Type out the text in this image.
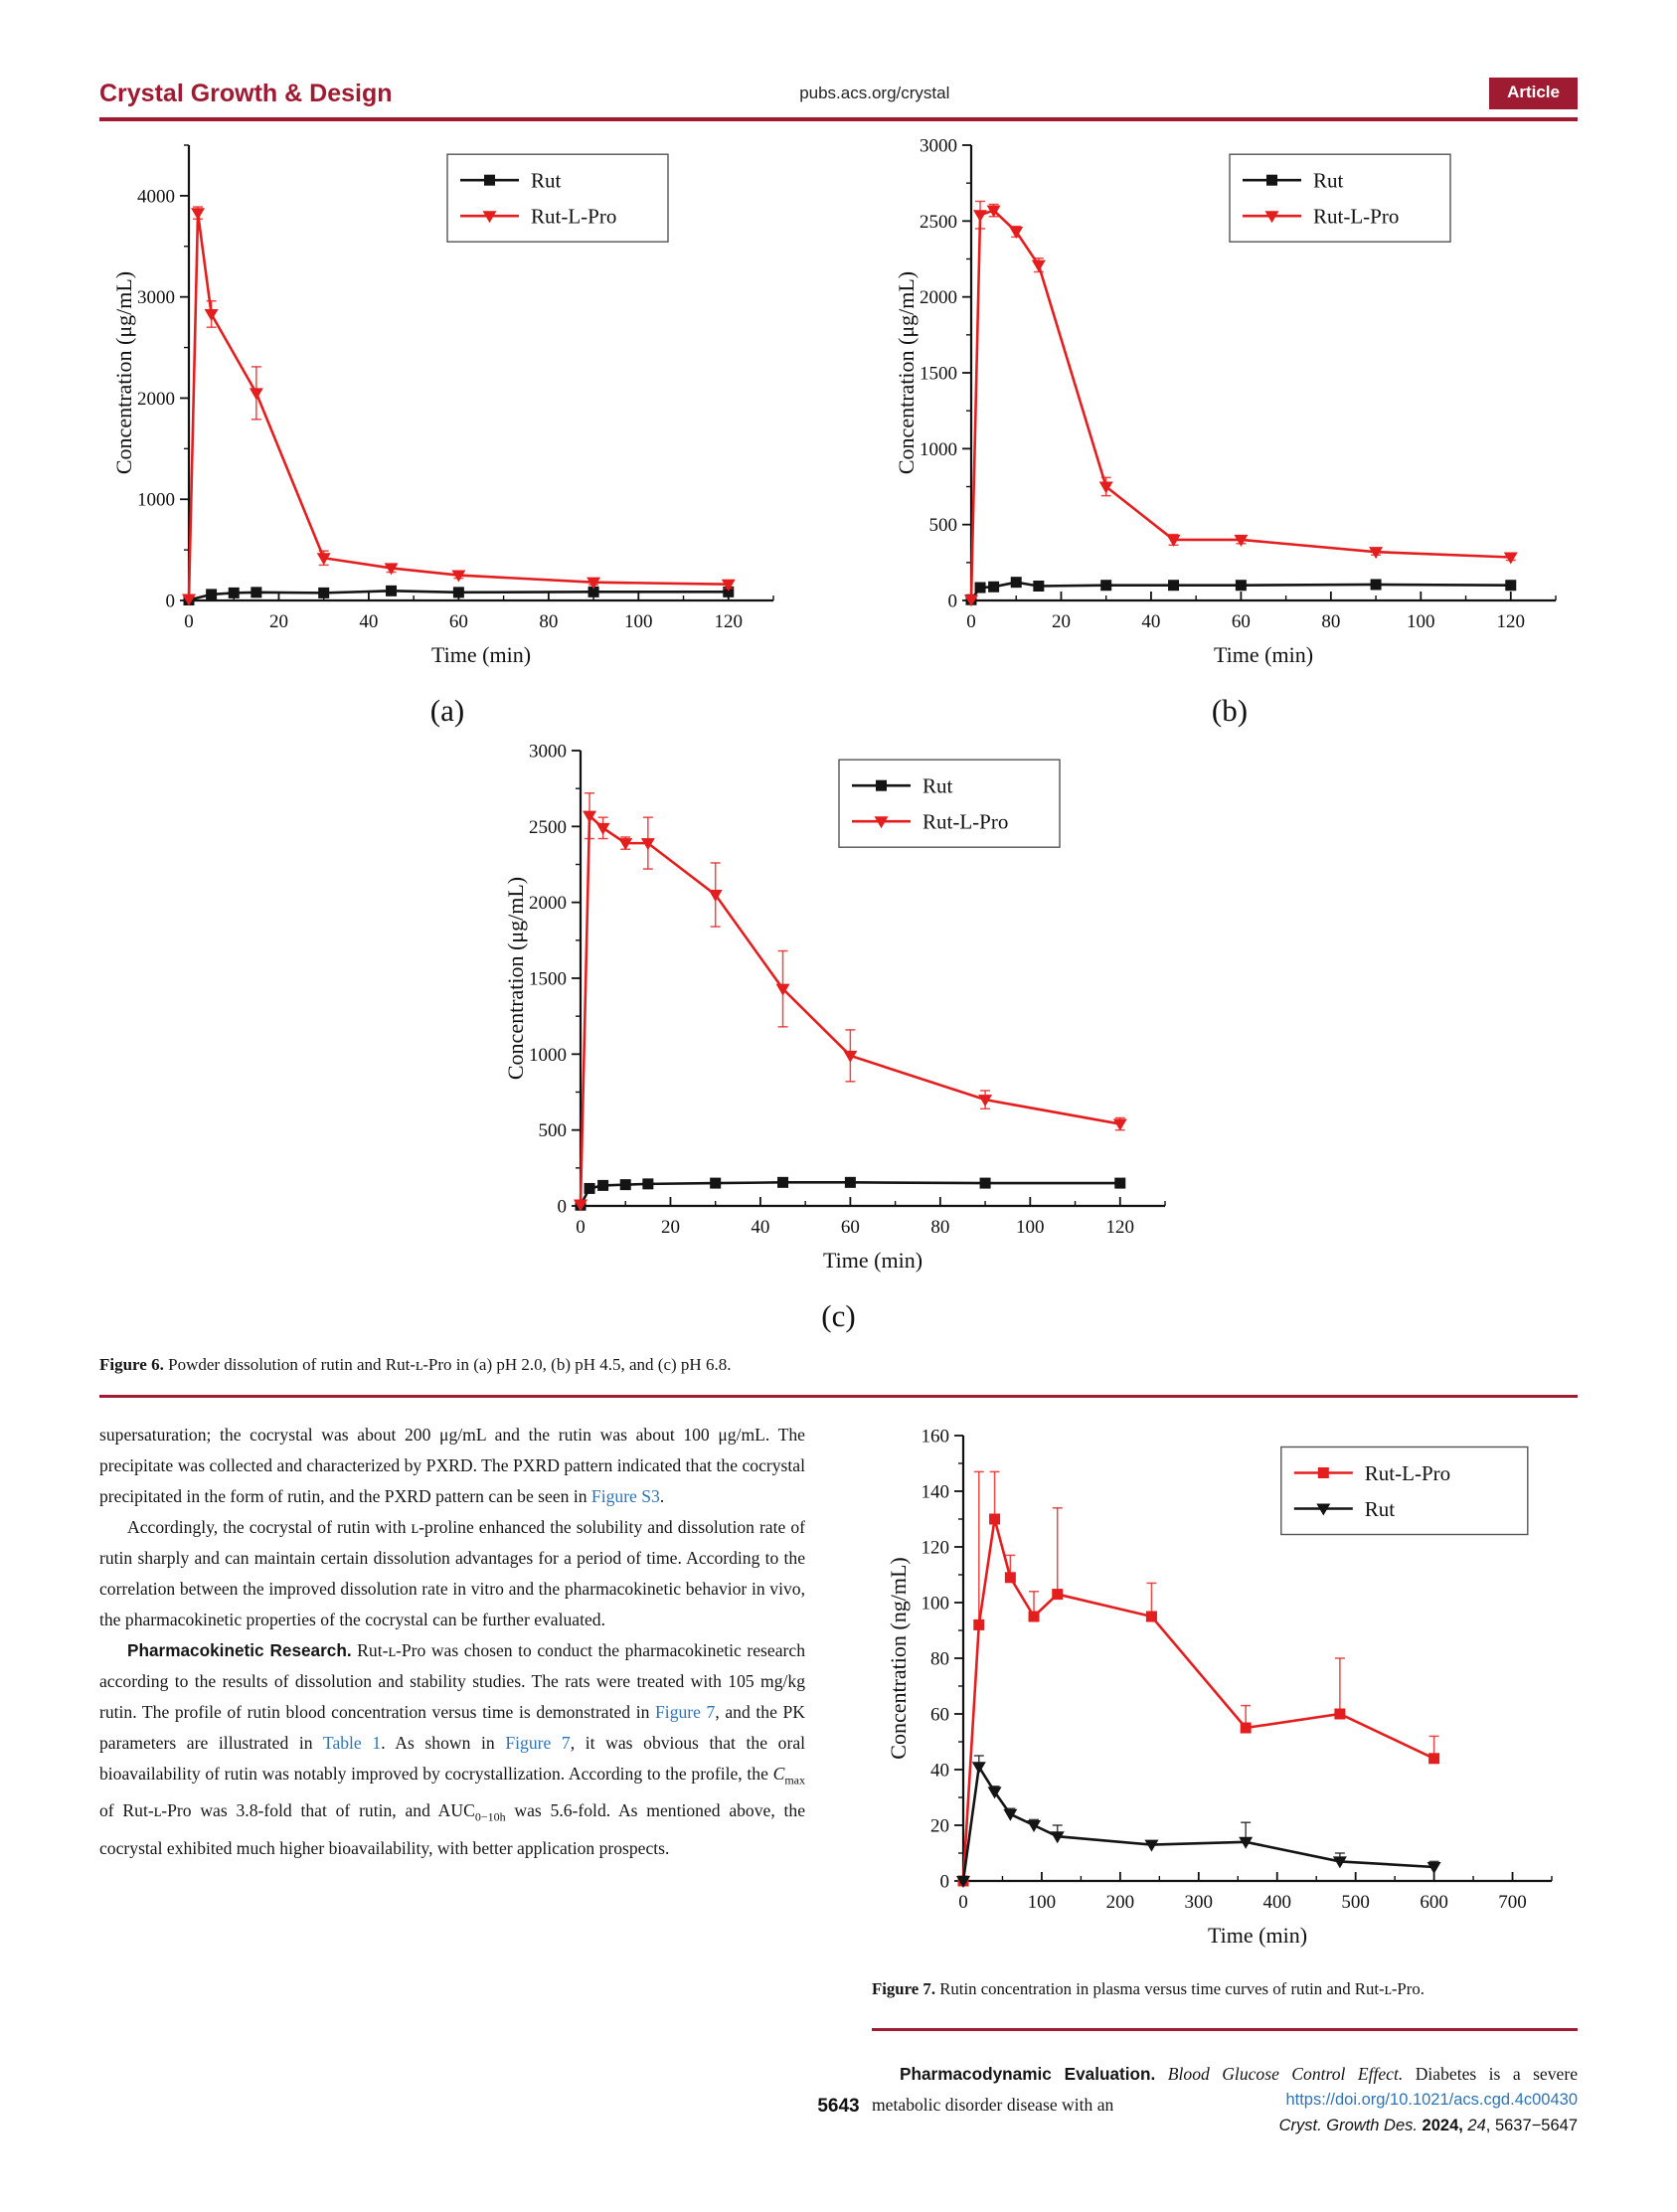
Crystal Growth & Design	pubs.acs.org/crystal	Article
0	20	40	60	80	100	120
0
1000
2000
3000
4000
Time (min)
Concentration (μg/mL)
Rut
Rut-L-Pro
(a)
0	20	40	60	80	100	120
0
500
1000
1500
2000
2500
3000
Time (min)
Concentration (μg/mL)
Rut
Rut-L-Pro
(b)
0	20	40	60	80	100	120
0
500
1000
1500
2000
2500
3000
Time (min)
Concentration (μg/mL)
Rut
Rut-L-Pro
(c)

Figure 6. Powder dissolution of rutin and Rut-ʟ-Pro in (a) pH 2.0, (b) pH 4.5, and (c) pH 6.8.

supersaturation; the cocrystal was about 200 μg/mL and the rutin was about 100 μg/mL. The precipitate was collected and characterized by PXRD. The PXRD pattern indicated that the cocrystal precipitated in the form of rutin, and the PXRD pattern can be seen in Figure S3.

Accordingly, the cocrystal of rutin with ʟ-proline enhanced the solubility and dissolution rate of rutin sharply and can maintain certain dissolution advantages for a period of time. According to the correlation between the improved dissolution rate in vitro and the pharmacokinetic behavior in vivo, the pharmacokinetic properties of the cocrystal can be further evaluated.

Pharmacokinetic Research. Rut-ʟ-Pro was chosen to conduct the pharmacokinetic research according to the results of dissolution and stability studies. The rats were treated with 105 mg/kg rutin. The profile of rutin blood concentration versus time is demonstrated in Figure 7, and the PK parameters are illustrated in Table 1. As shown in Figure 7, it was obvious that the oral bioavailability of rutin was notably improved by cocrystallization. According to the profile, the $C_{max}$ of Rut-ʟ-Pro was 3.8-fold that of rutin, and $AUC_{0-10h}$ was 5.6-fold. As mentioned above, the cocrystal exhibited much higher bioavailability, with better application prospects.

0	100	200	300	400	500	600	700
0
20
40
60
80
100
120
140
160
Time (min)
Concentration (ng/mL)
Rut-L-Pro
Rut

Figure 7. Rutin concentration in plasma versus time curves of rutin and Rut-ʟ-Pro.

Pharmacodynamic Evaluation. Blood Glucose Control Effect. Diabetes is a severe metabolic disorder disease with an

5643	https://doi.org/10.1021/acs.cgd.4c00430
Cryst. Growth Des. 2024, 24, 5637−5647
